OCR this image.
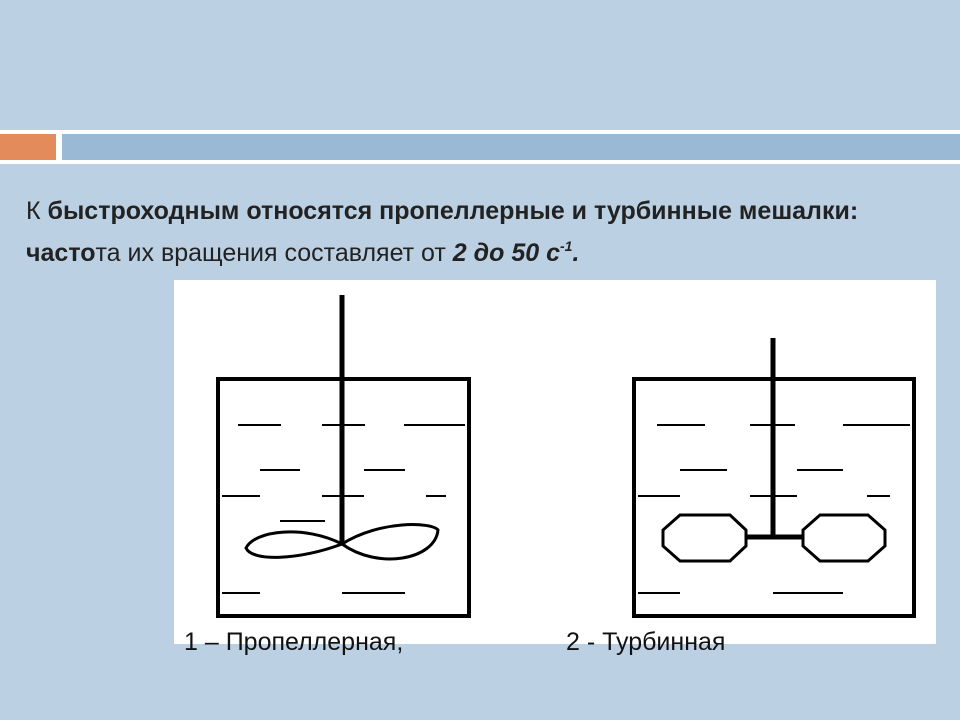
К быстроходным относятся пропеллерные и турбинные мешалки: частота их вращения составляет от 2 до 50 $с^{-1}$.

1 – Пропеллерная,	2 - Турбинная
